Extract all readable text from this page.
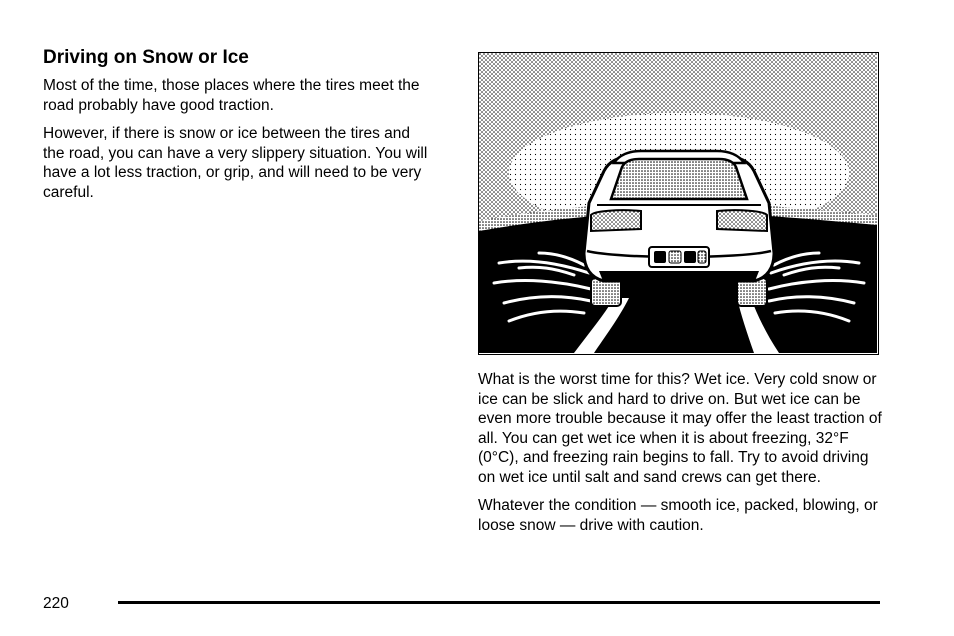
Driving on Snow or Ice

Most of the time, those places where the tires meet the road probably have good traction.

However, if there is snow or ice between the tires and the road, you can have a very slippery situation. You will have a lot less traction, or grip, and will need to be very careful.

What is the worst time for this? Wet ice. Very cold snow or ice can be slick and hard to drive on. But wet ice can be even more trouble because it may offer the least traction of all. You can get wet ice when it is about freezing, 32°F (0°C), and freezing rain begins to fall. Try to avoid driving on wet ice until salt and sand crews can get there.

Whatever the condition — smooth ice, packed, blowing, or loose snow — drive with caution.

220
